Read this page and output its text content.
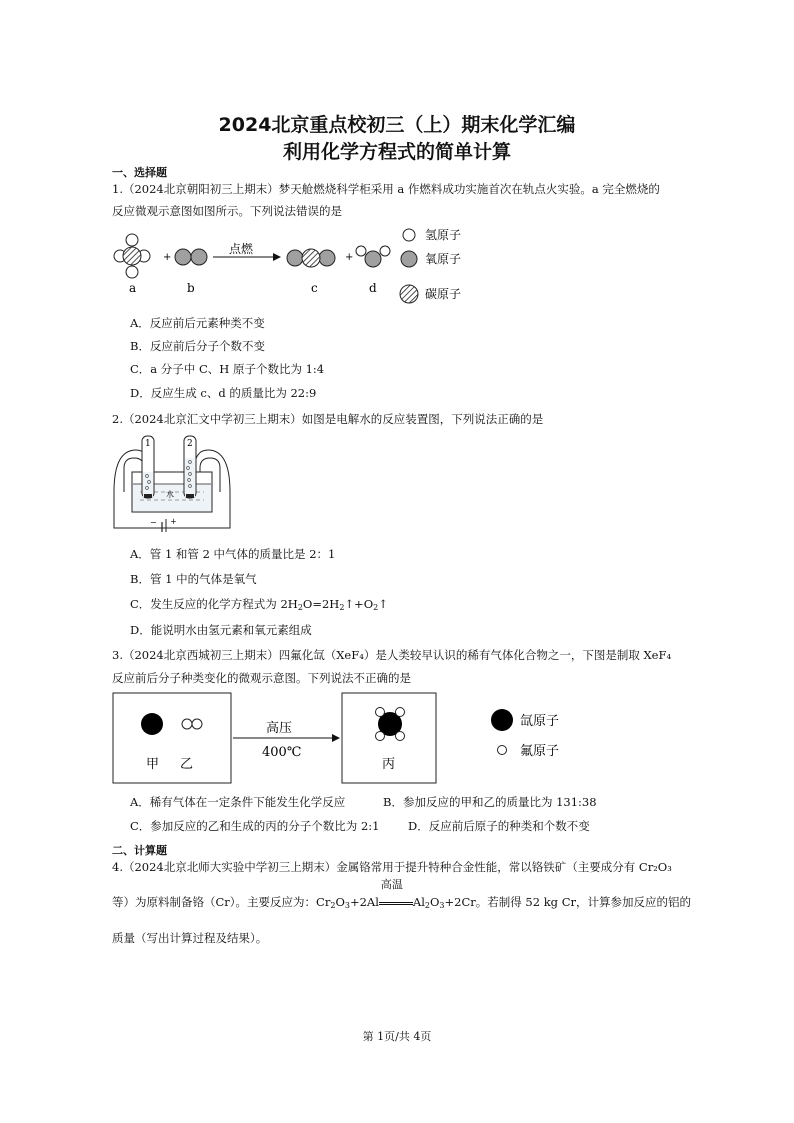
2024北京重点校初三（上）期末化学汇编
利用化学方程式的简单计算
一、选择题
1.（2024北京朝阳初三上期末）梦天舱燃烧科学柜采用 a 作燃料成功实施首次在轨点火实验。a 完全燃烧的
反应微观示意图如图所示。下列说法错误的是
+
点燃
+
a	b	c	d
氢原子
氧原子
碳原子
A．反应前后元素种类不变
B．反应前后分子个数不变
C．a 分子中 C、H 原子个数比为 1:4
D．反应生成 c、d 的质量比为 22:9
2.（2024北京汇文中学初三上期末）如图是电解水的反应装置图，下列说法正确的是
1	2
水
− +
A．管 1 和管 2 中气体的质量比是 2：1
B．管 1 中的气体是氧气
C．发生反应的化学方程式为 $2H_2O=2H_2↑+O_2↑$
D．能说明水由氢元素和氧元素组成
3.（2024北京西城初三上期末）四氟化氙（XeF₄）是人类较早认识的稀有气体化合物之一，下图是制取 XeF₄
反应前后分子种类变化的微观示意图。下列说法不正确的是
甲 乙
高压
400℃
丙
氙原子
氟原子
A．稀有气体在一定条件下能发生化学反应	B．参加反应的甲和乙的质量比为 131:38
C．参加反应的乙和生成的丙的分子个数比为 2:1 D．反应前后原子的种类和个数不变
二、计算题
4.（2024北京北师大实验中学初三上期末）金属铬常用于提升特种合金性能，常以铬铁矿（主要成分有 Cr₂O₃
等）为原料制备铬（Cr）。主要反应为：$Cr_2O_3+2Al$
高温
$Al_2O_3+2Cr$。若制得 52 kg Cr，计算参加反应的铝的
质量（写出计算过程及结果）。
第 1页/共 4页
